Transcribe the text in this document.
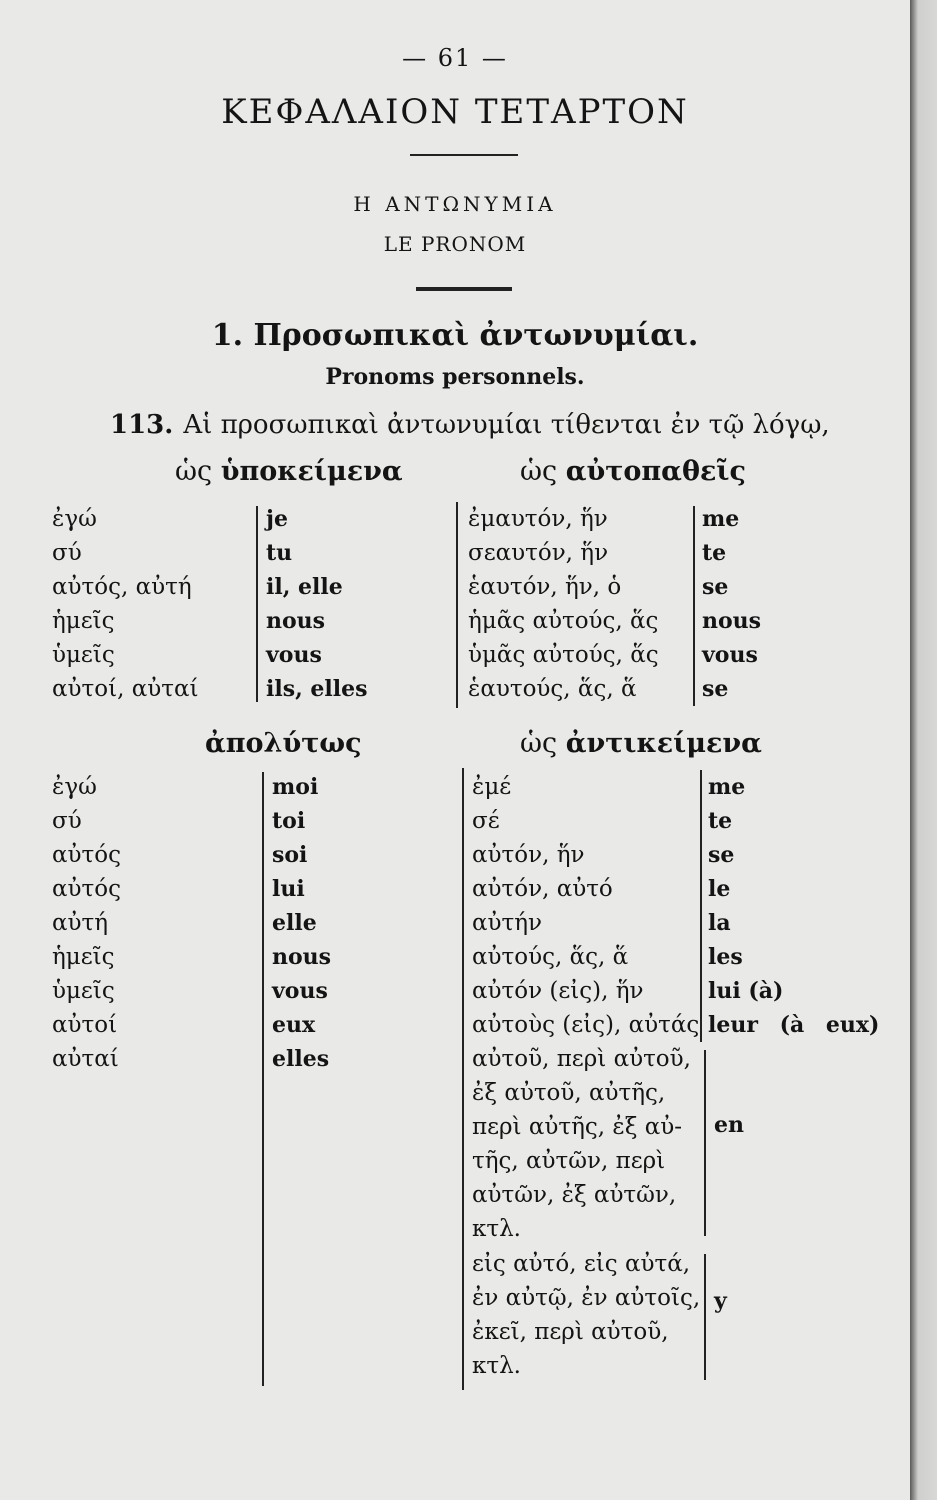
— 61 —
ΚΕΦΑΛΑΙΟΝ ΤΕΤΑΡΤΟΝ
Η ΑΝΤΩΝΥΜΙΑ
LE PRONOM
1. Προσωπικαὶ ἀντωνυμίαι.
Pronoms personnels.
113. Αἱ προσωπικαὶ ἀντωνυμίαι τίθενται ἐν τῷ λόγῳ,
ὡς ὑποκείμενα	ὡς αὐτοπαθεῖς
ἐγώ
σύ
αὐτός, αὐτή
ἡμεῖς
ὑμεῖς
αὐτοί, αὐταί
je
tu
il, elle
nous
vous
ils, elles
ἐμαυτόν, ἥν
σεαυτόν, ἥν
ἑαυτόν, ἥν, ὁ
ἡμᾶς αὐτούς, ἅς
ὑμᾶς αὐτούς, ἅς
ἑαυτούς, ἅς, ἅ
me
te
se
nous
vous
se
ἀπολύτως	ὡς ἀντικείμενα
ἐγώ
σύ
αὐτός
αὐτός
αὐτή
ἡμεῖς
ὑμεῖς
αὐτοί
αὐταί
moi
toi
soi
lui
elle
nous
vous
eux
elles
ἐμέ
σέ
αὐτόν, ἥν
αὐτόν, αὐτό
αὐτήν
αὐτούς, ἅς, ἅ
αὐτόν (εἰς), ἥν
αὐτοὺς (εἰς), αὐτάς
me
te
se
le
la
les
lui (à)
leur (à eux)
αὐτοῦ, περὶ αὐτοῦ,
ἐξ αὐτοῦ, αὐτῆς,
περὶ αὐτῆς, ἐξ αὐ-
τῆς, αὐτῶν, περὶ
αὐτῶν, ἐξ αὐτῶν,
κτλ.
en
εἰς αὐτό, εἰς αὐτά,
ἐν αὐτῷ, ἐν αὐτοῖς,
ἐκεῖ, περὶ αὐτοῦ,
κτλ.
y
